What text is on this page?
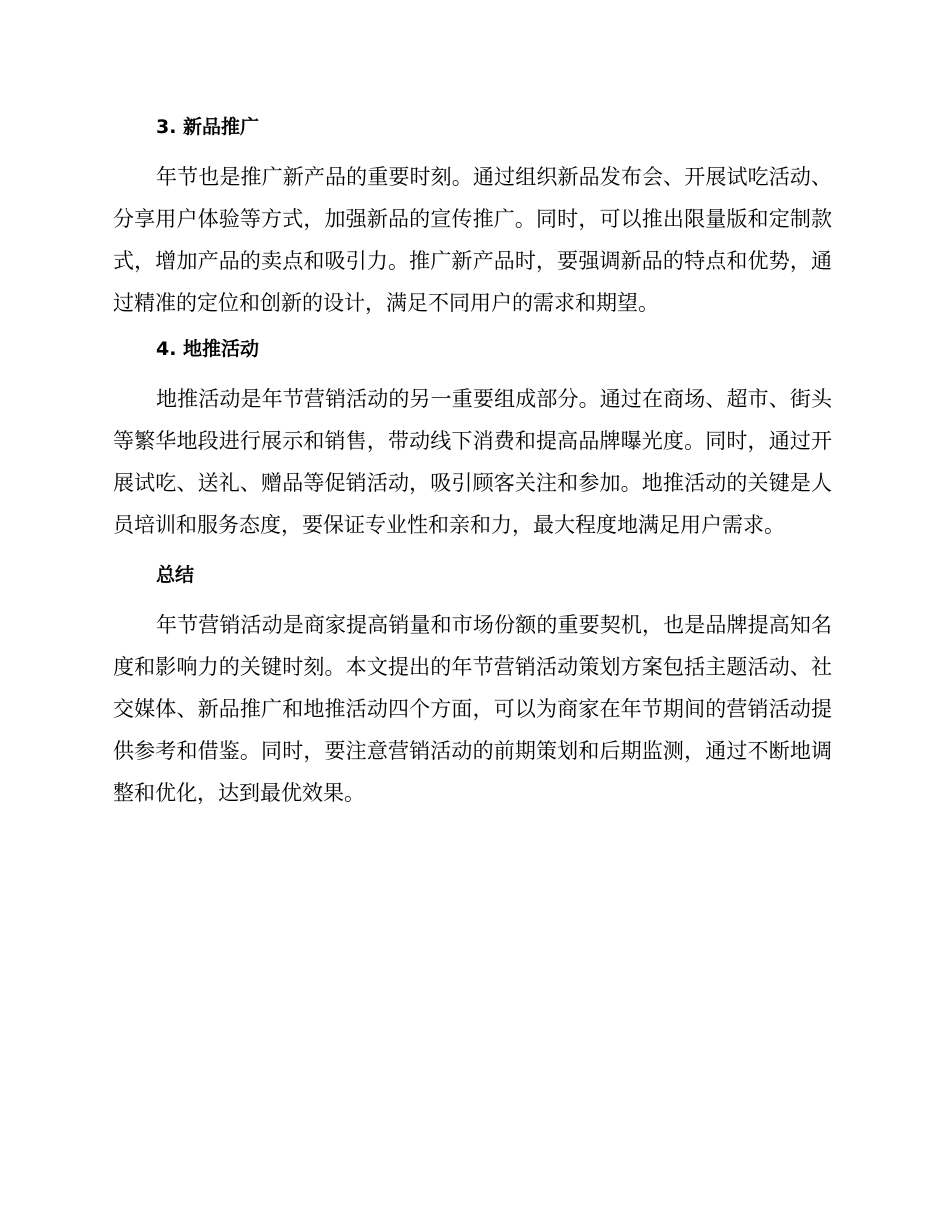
3. 新品推广

年节也是推广新产品的重要时刻。通过组织新品发布会、开展试吃活动、分享用户体验等方式，加强新品的宣传推广。同时，可以推出限量版和定制款式，增加产品的卖点和吸引力。推广新产品时，要强调新品的特点和优势，通过精准的定位和创新的设计，满足不同用户的需求和期望。

4. 地推活动

地推活动是年节营销活动的另一重要组成部分。通过在商场、超市、街头等繁华地段进行展示和销售，带动线下消费和提高品牌曝光度。同时，通过开展试吃、送礼、赠品等促销活动，吸引顾客关注和参加。地推活动的关键是人员培训和服务态度，要保证专业性和亲和力，最大程度地满足用户需求。

总结

年节营销活动是商家提高销量和市场份额的重要契机，也是品牌提高知名度和影响力的关键时刻。本文提出的年节营销活动策划方案包括主题活动、社交媒体、新品推广和地推活动四个方面，可以为商家在年节期间的营销活动提供参考和借鉴。同时，要注意营销活动的前期策划和后期监测，通过不断地调整和优化，达到最优效果。
